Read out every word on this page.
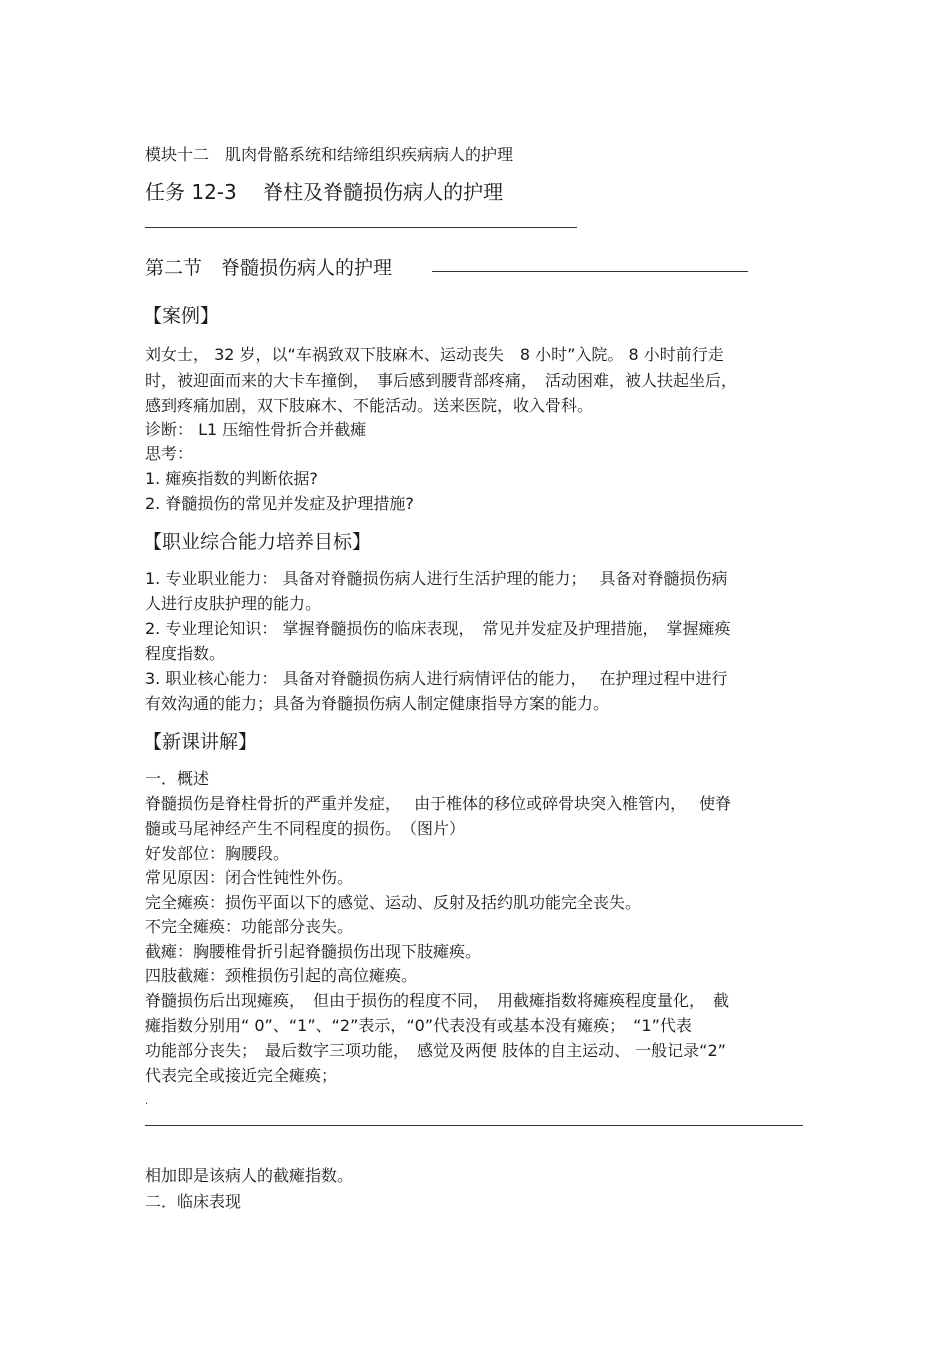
模块十二　肌肉骨骼系统和结缔组织疾病病人的护理
任务 12-3　 脊柱及脊髓损伤病人的护理
第二节　脊髓损伤病人的护理
【案例】
刘女士， 32 岁，以“车祸致双下肢麻木、运动丧失　8 小时”入院。 8 小时前行走
时，被迎面而来的大卡车撞倒，　事后感到腰背部疼痛，　活动困难，被人扶起坐后，
感到疼痛加剧，双下肢麻木、不能活动。送来医院，收入骨科。
诊断： L1 压缩性骨折合并截瘫
思考：
1. 瘫痪指数的判断依据?
2. 脊髓损伤的常见并发症及护理措施?
【职业综合能力培养目标】
1. 专业职业能力： 具备对脊髓损伤病人进行生活护理的能力；　 具备对脊髓损伤病
人进行皮肤护理的能力。
2. 专业理论知识： 掌握脊髓损伤的临床表现，　常见并发症及护理措施，　掌握瘫痪
程度指数。
3. 职业核心能力： 具备对脊髓损伤病人进行病情评估的能力，　 在护理过程中进行
有效沟通的能力；具备为脊髓损伤病人制定健康指导方案的能力。
【新课讲解】
一．概述
脊髓损伤是脊柱骨折的严重并发症，　 由于椎体的移位或碎骨块突入椎管内，　 使脊
髓或马尾神经产生不同程度的损伤。　（图片）
好发部位：胸腰段。
常见原因：闭合性钝性外伤。
完全瘫痪：损伤平面以下的感觉、运动、反射及括约肌功能完全丧失。
不完全瘫痪：功能部分丧失。
截瘫：胸腰椎骨折引起脊髓损伤出现下肢瘫痪。
四肢截瘫：颈椎损伤引起的高位瘫痪。
脊髓损伤后出现瘫痪，　但由于损伤的程度不同，　用截瘫指数将瘫痪程度量化，　截
瘫指数分别用“ 0”、“1”、“2”表示，“0”代表没有或基本没有瘫痪；　“1”代表
功能部分丧失；　最后数字三项功能，　感觉及两便 肢体的自主运动、 一般记录“2”
代表完全或接近完全瘫痪；
.
相加即是该病人的截瘫指数。
二．临床表现
